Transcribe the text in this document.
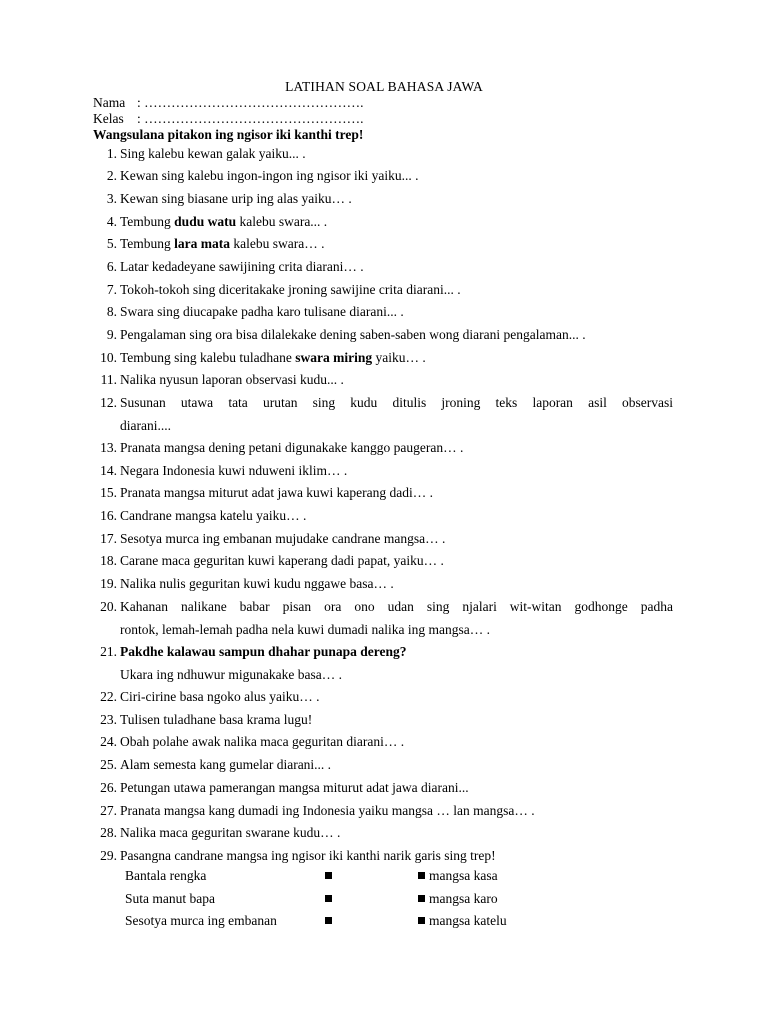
LATIHAN SOAL BAHASA JAWA
Nama : ………………………………………….
Kelas : ………………………………………….
Wangsulana pitakon ing ngisor iki kanthi trep!
1. Sing kalebu kewan galak yaiku... .
2. Kewan sing kalebu ingon-ingon ing ngisor iki yaiku... .
3. Kewan sing biasane urip ing alas yaiku… .
4. Tembung dudu watu kalebu swara... .
5. Tembung lara mata kalebu swara… .
6. Latar kedadeyane sawijining crita diarani… .
7. Tokoh-tokoh sing diceritakake jroning sawijine crita diarani... .
8. Swara sing diucapake padha karo tulisane diarani... .
9. Pengalaman sing ora bisa dilalekake dening saben-saben wong diarani pengalaman... .
10. Tembung sing kalebu tuladhane swara miring yaiku… .
11. Nalika nyusun laporan observasi kudu... .
12. Susunan utawa tata urutan sing kudu ditulis jroning teks laporan asil observasi
diarani....
13. Pranata mangsa dening petani digunakake kanggo paugeran… .
14. Negara Indonesia kuwi nduweni iklim… .
15. Pranata mangsa miturut adat jawa kuwi kaperang dadi… .
16. Candrane mangsa katelu yaiku… .
17. Sesotya murca ing embanan mujudake candrane mangsa… .
18. Carane maca geguritan kuwi kaperang dadi papat, yaiku… .
19. Nalika nulis geguritan kuwi kudu nggawe basa… .
20. Kahanan nalikane babar pisan ora ono udan sing njalari wit-witan godhonge padha
rontok, lemah-lemah padha nela kuwi dumadi nalika ing mangsa… .
21. Pakdhe kalawau sampun dhahar punapa dereng?
Ukara ing ndhuwur migunakake basa… .
22. Ciri-cirine basa ngoko alus yaiku… .
23. Tulisen tuladhane basa krama lugu!
24. Obah polahe awak nalika maca geguritan diarani… .
25. Alam semesta kang gumelar diarani... .
26. Petungan utawa pamerangan mangsa miturut adat jawa diarani...
27. Pranata mangsa kang dumadi ing Indonesia yaiku mangsa … lan mangsa… .
28. Nalika maca geguritan swarane kudu… .
29. Pasangna candrane mangsa ing ngisor iki kanthi narik garis sing trep!
Bantala rengka	mangsa kasa
Suta manut bapa	mangsa karo
Sesotya murca ing embanan	mangsa katelu
